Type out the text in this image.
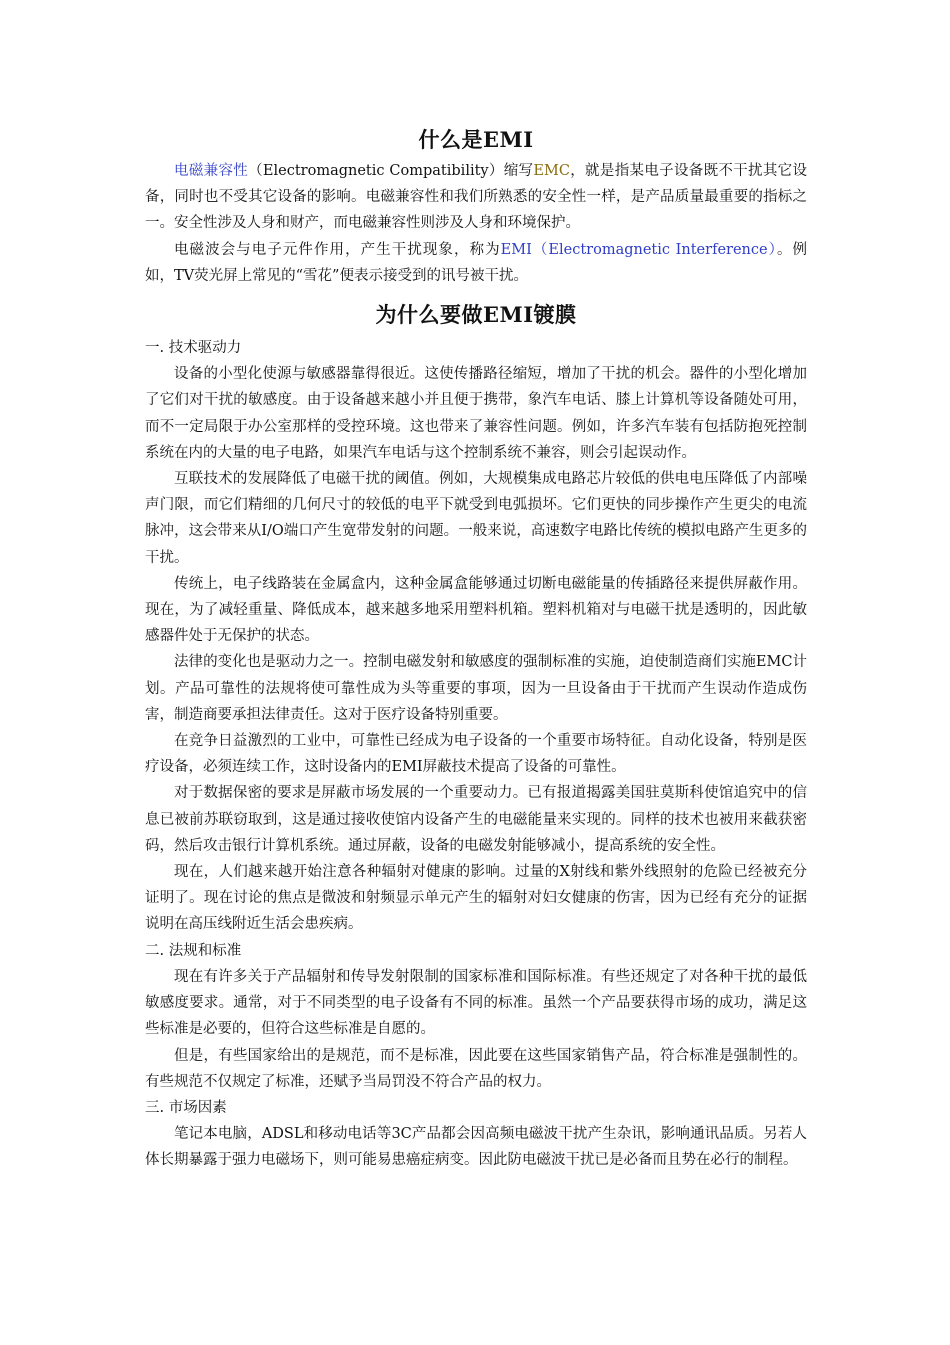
什么是EMI

电磁兼容性（Electromagnetic Compatibility）缩写EMC，就是指某电子设备既不干扰其它设备，同时也不受其它设备的影响。电磁兼容性和我们所熟悉的安全性一样，是产品质量最重要的指标之一。安全性涉及人身和财产，而电磁兼容性则涉及人身和环境保护。

电磁波会与电子元件作用，产生干扰现象，称为EMI（Electromagnetic Interference）。例如，TV荧光屏上常见的“雪花”便表示接受到的讯号被干扰。

为什么要做EMI镀膜

一. 技术驱动力

设备的小型化使源与敏感器靠得很近。这使传播路径缩短，增加了干扰的机会。器件的小型化增加了它们对干扰的敏感度。由于设备越来越小并且便于携带，象汽车电话、膝上计算机等设备随处可用，而不一定局限于办公室那样的受控环境。这也带来了兼容性问题。例如，许多汽车装有包括防抱死控制系统在内的大量的电子电路，如果汽车电话与这个控制系统不兼容，则会引起误动作。

互联技术的发展降低了电磁干扰的阈值。例如，大规模集成电路芯片较低的供电电压降低了内部噪声门限，而它们精细的几何尺寸的较低的电平下就受到电弧损坏。它们更快的同步操作产生更尖的电流脉冲，这会带来从I/O端口产生宽带发射的问题。一般来说，高速数字电路比传统的模拟电路产生更多的干扰。

传统上，电子线路装在金属盒内，这种金属盒能够通过切断电磁能量的传插路径来提供屏蔽作用。现在，为了减轻重量、降低成本，越来越多地采用塑料机箱。塑料机箱对与电磁干扰是透明的，因此敏感器件处于无保护的状态。

法律的变化也是驱动力之一。控制电磁发射和敏感度的强制标准的实施，迫使制造商们实施EMC计划。产品可靠性的法规将使可靠性成为头等重要的事项，因为一旦设备由于干扰而产生误动作造成伤害，制造商要承担法律责任。这对于医疗设备特别重要。

在竞争日益激烈的工业中，可靠性已经成为电子设备的一个重要市场特征。自动化设备，特别是医疗设备，必须连续工作，这时设备内的EMI屏蔽技术提高了设备的可靠性。

对于数据保密的要求是屏蔽市场发展的一个重要动力。已有报道揭露美国驻莫斯科使馆追究中的信息已被前苏联窃取到，这是通过接收使馆内设备产生的电磁能量来实现的。同样的技术也被用来截获密码，然后攻击银行计算机系统。通过屏蔽，设备的电磁发射能够减小，提高系统的安全性。

现在，人们越来越开始注意各种辐射对健康的影响。过量的X射线和紫外线照射的危险已经被充分证明了。现在讨论的焦点是微波和射频显示单元产生的辐射对妇女健康的伤害，因为已经有充分的证据说明在高压线附近生活会患疾病。

二. 法规和标准

现在有许多关于产品辐射和传导发射限制的国家标准和国际标准。有些还规定了对各种干扰的最低敏感度要求。通常，对于不同类型的电子设备有不同的标准。虽然一个产品要获得市场的成功，满足这些标准是必要的，但符合这些标准是自愿的。

但是，有些国家给出的是规范，而不是标准，因此要在这些国家销售产品，符合标准是强制性的。有些规范不仅规定了标准，还赋予当局罚没不符合产品的权力。

三. 市场因素

笔记本电脑，ADSL和移动电话等3C产品都会因高频电磁波干扰产生杂讯，影响通讯品质。另若人体长期暴露于强力电磁场下，则可能易患癌症病变。因此防电磁波干扰已是必备而且势在必行的制程。
